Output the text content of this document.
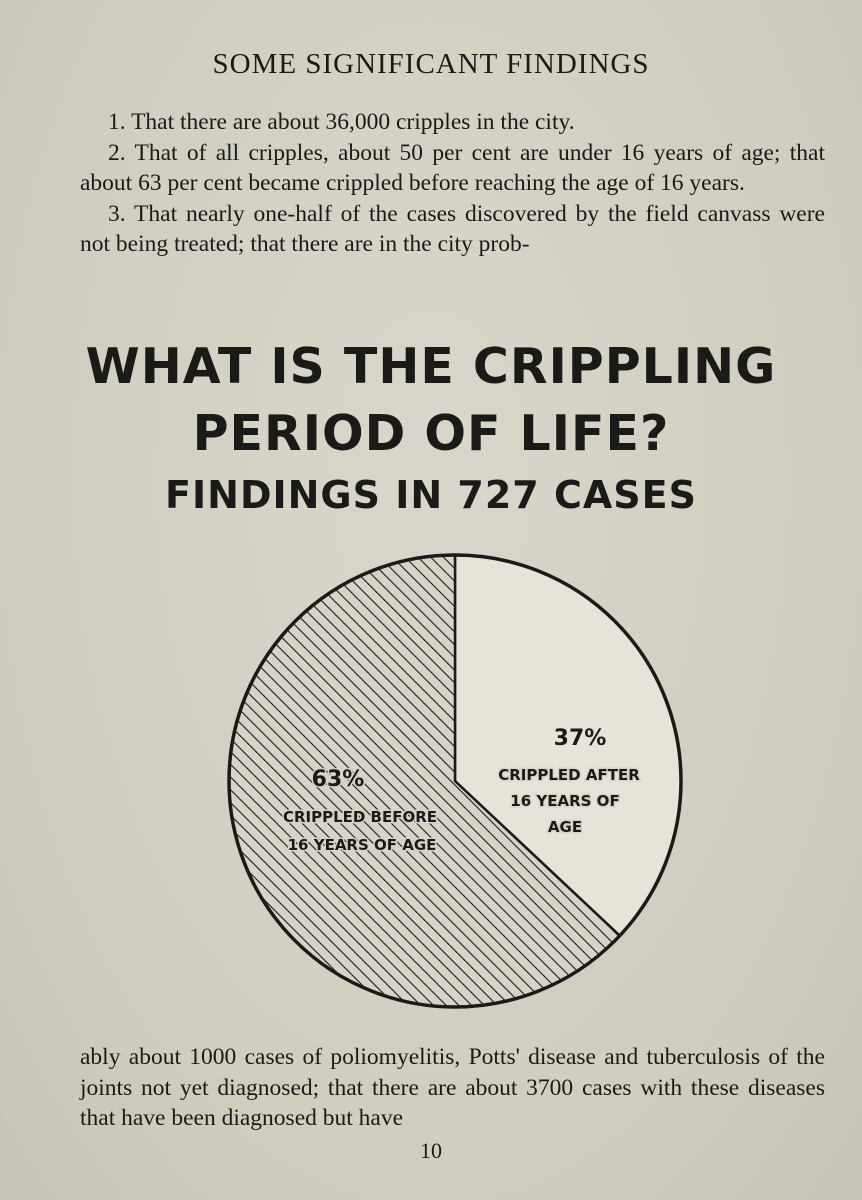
SOME SIGNIFICANT FINDINGS

1. That there are about 36,000 cripples in the city.

2. That of all cripples, about 50 per cent are under 16 years of age; that about 63 per cent became crippled before reaching the age of 16 years.

3. That nearly one-half of the cases discovered by the field canvass were not being treated; that there are in the city prob-

WHAT IS THE CRIPPLING
PERIOD OF LIFE?
FINDINGS IN 727 CASES
37%
CRIPPLED AFTER
16 YEARS OF
AGE
63%
CRIPPLED BEFORE
16 YEARS OF AGE

ably about 1000 cases of poliomyelitis, Potts' disease and tuberculosis of the joints not yet diagnosed; that there are about 3700 cases with these diseases that have been diagnosed but have

10
